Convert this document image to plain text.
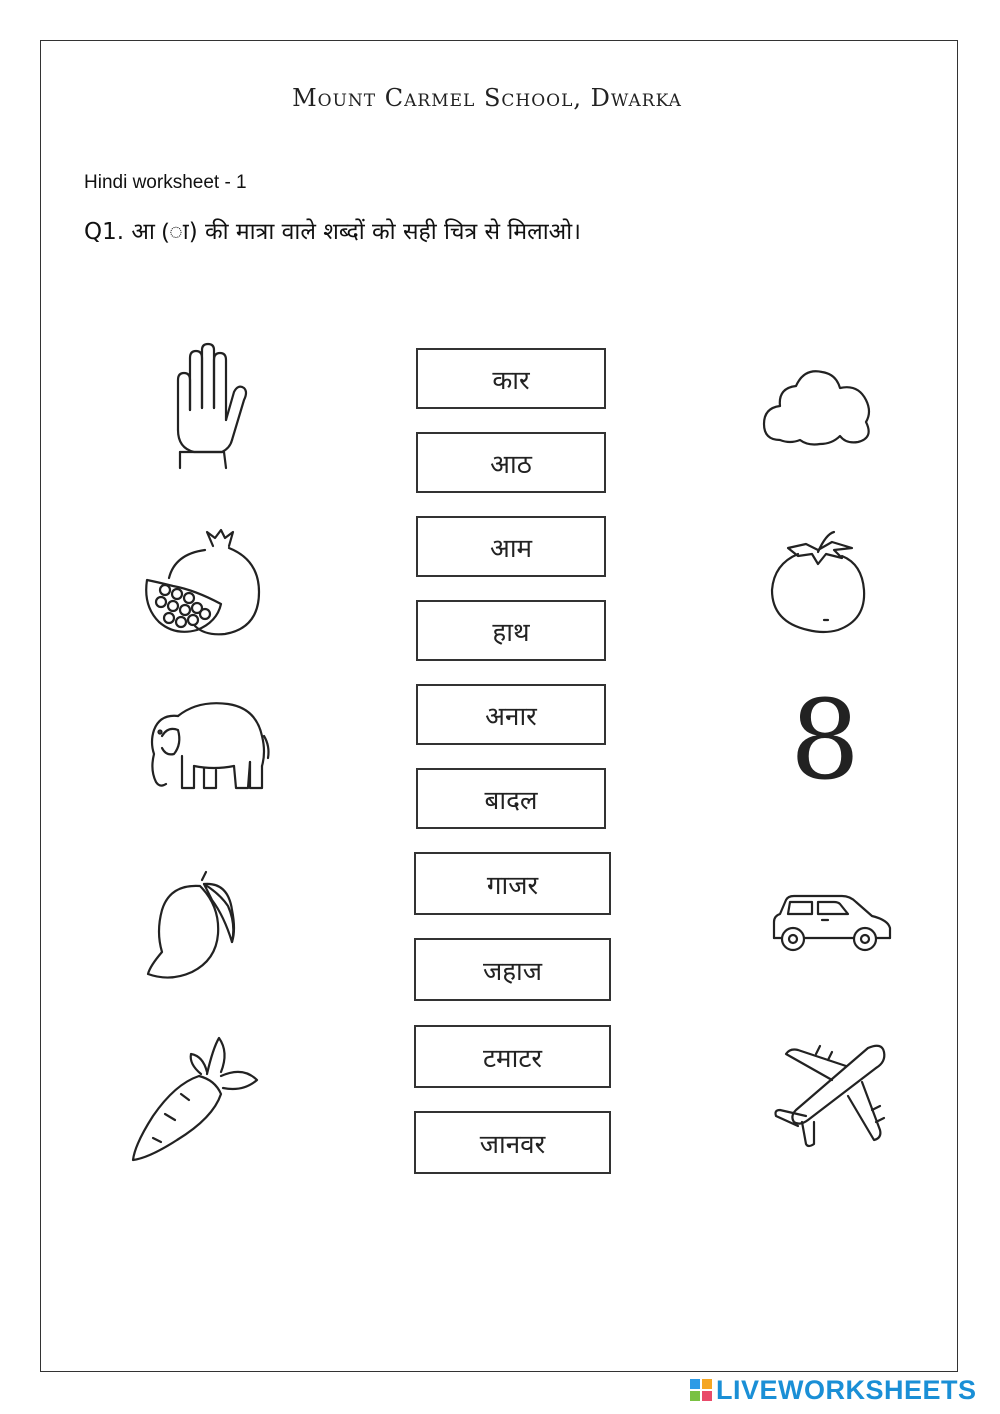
Mount Carmel School, Dwarka
Hindi worksheet - 1
Q1. आ (ा) की मात्रा वाले शब्दों को सही चित्र से मिलाओ।
कार
आठ
आम
हाथ
अनार
बादल
गाजर
जहाज
टमाटर
जानवर
8
LIVEWORKSHEETS
